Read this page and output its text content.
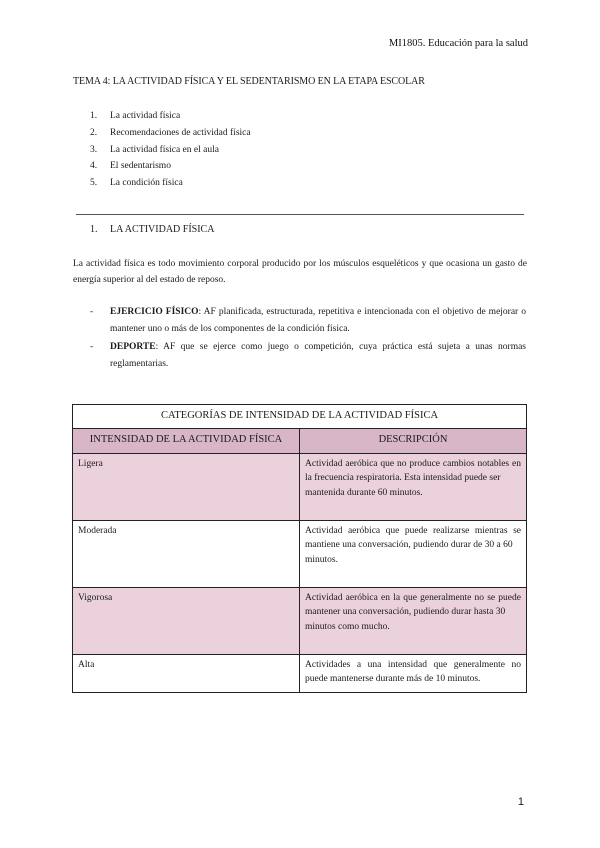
MI1805. Educación para la salud
TEMA 4: LA ACTIVIDAD FÍSICA Y EL SEDENTARISMO EN LA ETAPA ESCOLAR
1. La actividad física
2. Recomendaciones de actividad física
3. La actividad física en el aula
4. El sedentarismo
5. La condición física
1. LA ACTIVIDAD FÍSICA

La actividad física es todo movimiento corporal producido por los músculos esqueléticos y que ocasiona un gasto de energía superior al del estado de reposo.

- EJERCICIO FÍSICO: AF planificada, estructurada, repetitiva e intencionada con el objetivo de mejorar o mantener uno o más de los componentes de la condición física.
- DEPORTE: AF que se ejerce como juego o competición, cuya práctica está sujeta a unas normas reglamentarias.
CATEGORÍAS DE INTENSIDAD DE LA ACTIVIDAD FÍSICA	
INTENSIDAD DE LA ACTIVIDAD FÍSICA	DESCRIPCIÓN
Ligera	Actividad aeróbica que no produce cambios notables en la frecuencia respiratoria. Esta intensidad puede ser
mantenida durante 60 minutos.

Moderada	Actividad aeróbica que puede realizarse mientras se mantiene una conversación, pudiendo durar de 30 a 60
minutos.

Vigorosa	Actividad aeróbica en la que generalmente no se puede mantener una conversación, pudiendo durar hasta 30
minutos como mucho.

Alta	Actividades a una intensidad que generalmente no puede mantenerse durante más de 10 minutos.
1
